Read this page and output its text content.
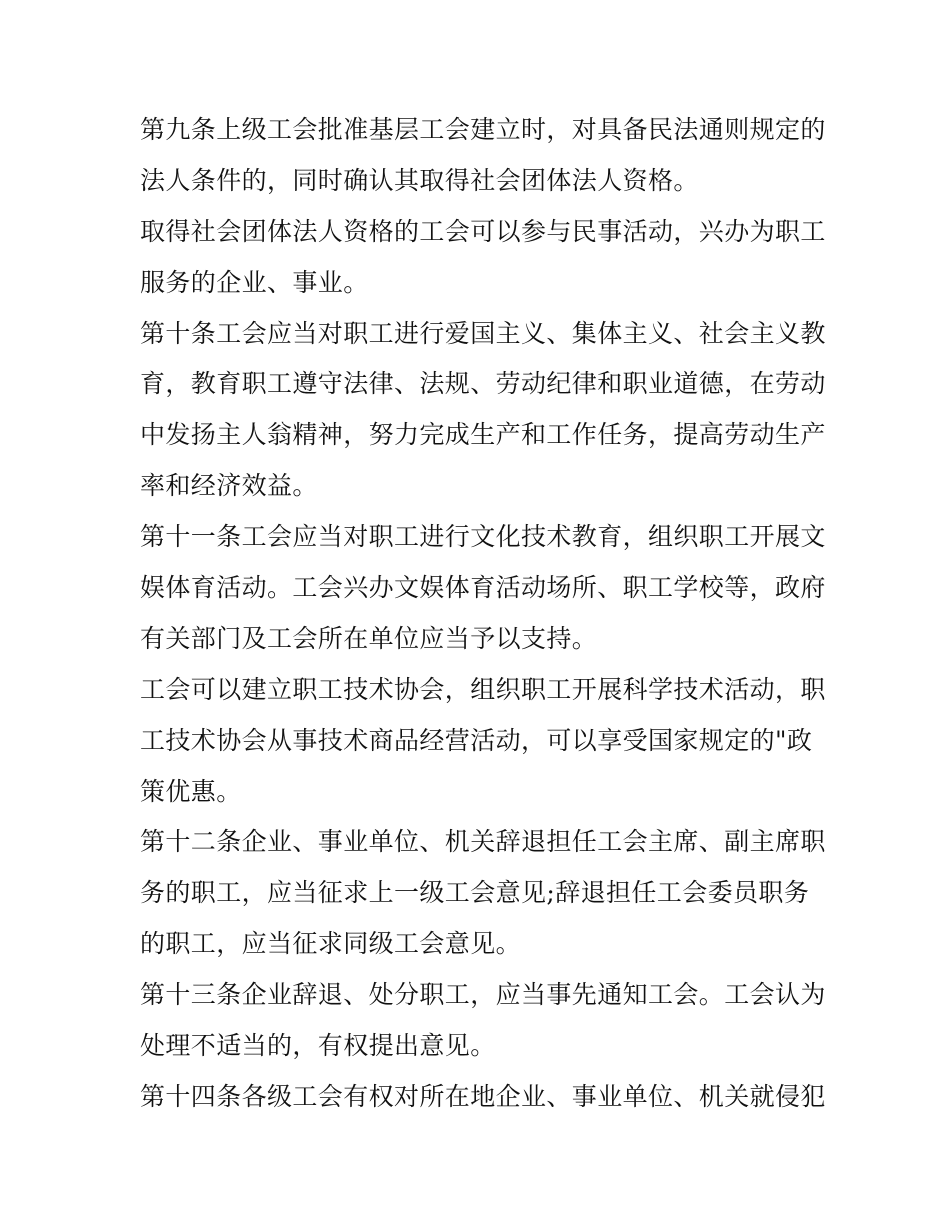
第九条上级工会批准基层工会建立时，对具备民法通则规定的
法人条件的，同时确认其取得社会团体法人资格。
取得社会团体法人资格的工会可以参与民事活动，兴办为职工
服务的企业、事业。
第十条工会应当对职工进行爱国主义、集体主义、社会主义教
育，教育职工遵守法律、法规、劳动纪律和职业道德，在劳动
中发扬主人翁精神，努力完成生产和工作任务，提高劳动生产
率和经济效益。
第十一条工会应当对职工进行文化技术教育，组织职工开展文
娱体育活动。工会兴办文娱体育活动场所、职工学校等，政府
有关部门及工会所在单位应当予以支持。
工会可以建立职工技术协会，组织职工开展科学技术活动，职
工技术协会从事技术商品经营活动，可以享受国家规定的"政
策优惠。
第十二条企业、事业单位、机关辞退担任工会主席、副主席职
务的职工，应当征求上一级工会意见;辞退担任工会委员职务
的职工，应当征求同级工会意见。
第十三条企业辞退、处分职工，应当事先通知工会。工会认为
处理不适当的，有权提出意见。
第十四条各级工会有权对所在地企业、事业单位、机关就侵犯
